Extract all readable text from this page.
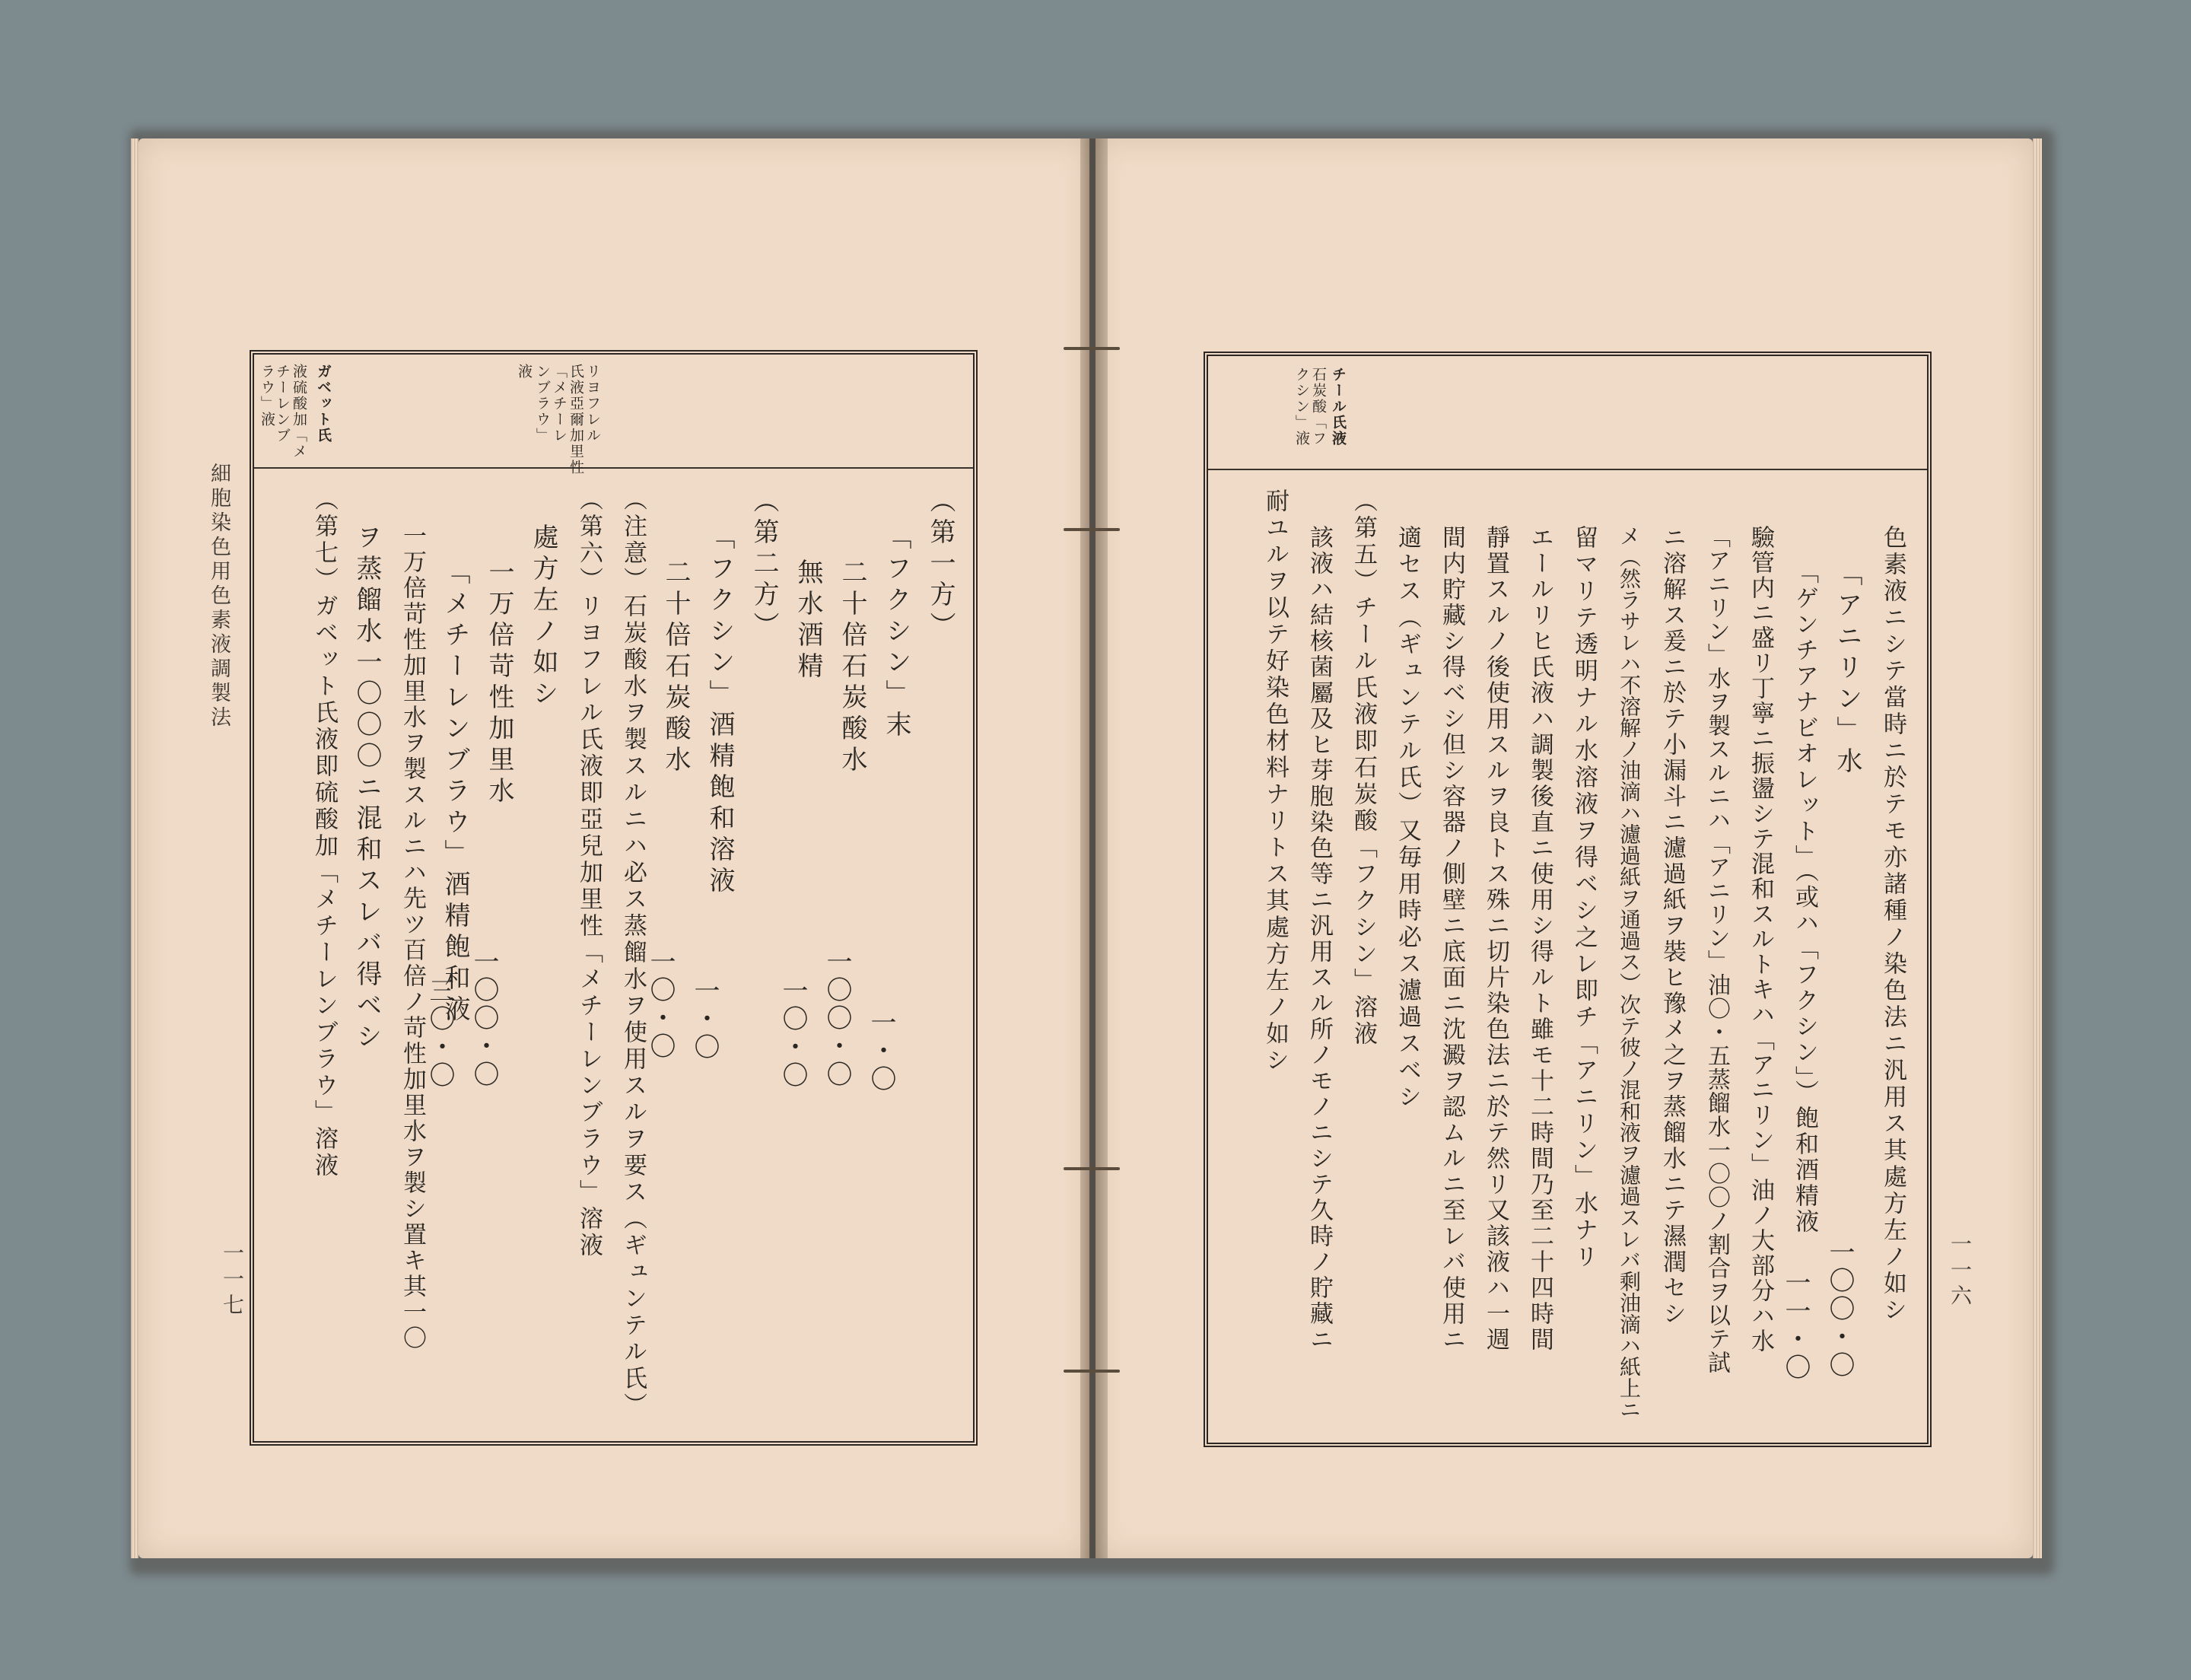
細胞染色用色素液調製法
一一七
ガベット氏
液硫酸加「メ
チーレンブ
ラウ」液	リヨフレル
氏液亞爾加里性
「メチーレ
ンブラウ」
液
（第一方）
「フクシン」末
二十倍石炭酸水
無水酒精
（第二方）
「フクシン」酒精飽和溶液
二十倍石炭酸水
（注意）石炭酸水ヲ製スルニハ必ス蒸餾水ヲ使用スルヲ要ス（ギュンテル氏）
（第六）リヨフレル氏液即亞兒加里性「メチーレンブラウ」溶液
處方左ノ如シ
一万倍苛性加里水
「メチーレンブラウ」酒精飽和液
一万倍苛性加里水ヲ製スルニハ先ツ百倍ノ苛性加里水ヲ製シ置キ其一〇
ヲ蒸餾水一〇〇〇ニ混和スレバ得ベシ
（第七）ガベット氏液即硫酸加「メチーレンブラウ」溶液	一・〇
一〇〇・〇
一〇・〇
一・〇
一〇・〇
一〇〇・〇
三〇・〇
一一六
チール氏液
石炭酸「フ
クシン」液
色素液ニシテ當時ニ於テモ亦諸種ノ染色法ニ汎用ス其處方左ノ如シ
「アニリン」水
「ゲンチアナビオレット」（或ハ「フクシン」）飽和酒精液
驗管内ニ盛リ丁寧ニ振盪シテ混和スルトキハ「アニリン」油ノ大部分ハ水
「アニリン」水ヲ製スルニハ「アニリン」油〇・五蒸餾水一〇〇ノ割合ヲ以テ試
ニ溶解ス爰ニ於テ小漏斗ニ濾過紙ヲ裝ヒ豫メ之ヲ蒸餾水ニテ濕潤セシ
メ（然ラサレハ不溶解ノ油滴ハ濾過紙ヲ通過ス）次テ彼ノ混和液ヲ濾過スレバ剩油滴ハ紙上ニ
留マリテ透明ナル水溶液ヲ得ベシ之レ即チ「アニリン」水ナリ
エールリヒ氏液ハ調製後直ニ使用シ得ルト雖モ十二時間乃至二十四時間
靜置スルノ後使用スルヲ良トス殊ニ切片染色法ニ於テ然リ又該液ハ一週
間内貯藏シ得ベシ但シ容器ノ側壁ニ底面ニ沈澱ヲ認ムルニ至レバ使用ニ
適セス（ギュンテル氏）又毎用時必ス濾過スベシ
（第五）チール氏液即石炭酸「フクシン」溶液
該液ハ結核菌屬及ヒ芽胞染色等ニ汎用スル所ノモノニシテ久時ノ貯藏ニ
耐ユルヲ以テ好染色材料ナリトス其處方左ノ如シ
一〇〇・〇
一一・〇
